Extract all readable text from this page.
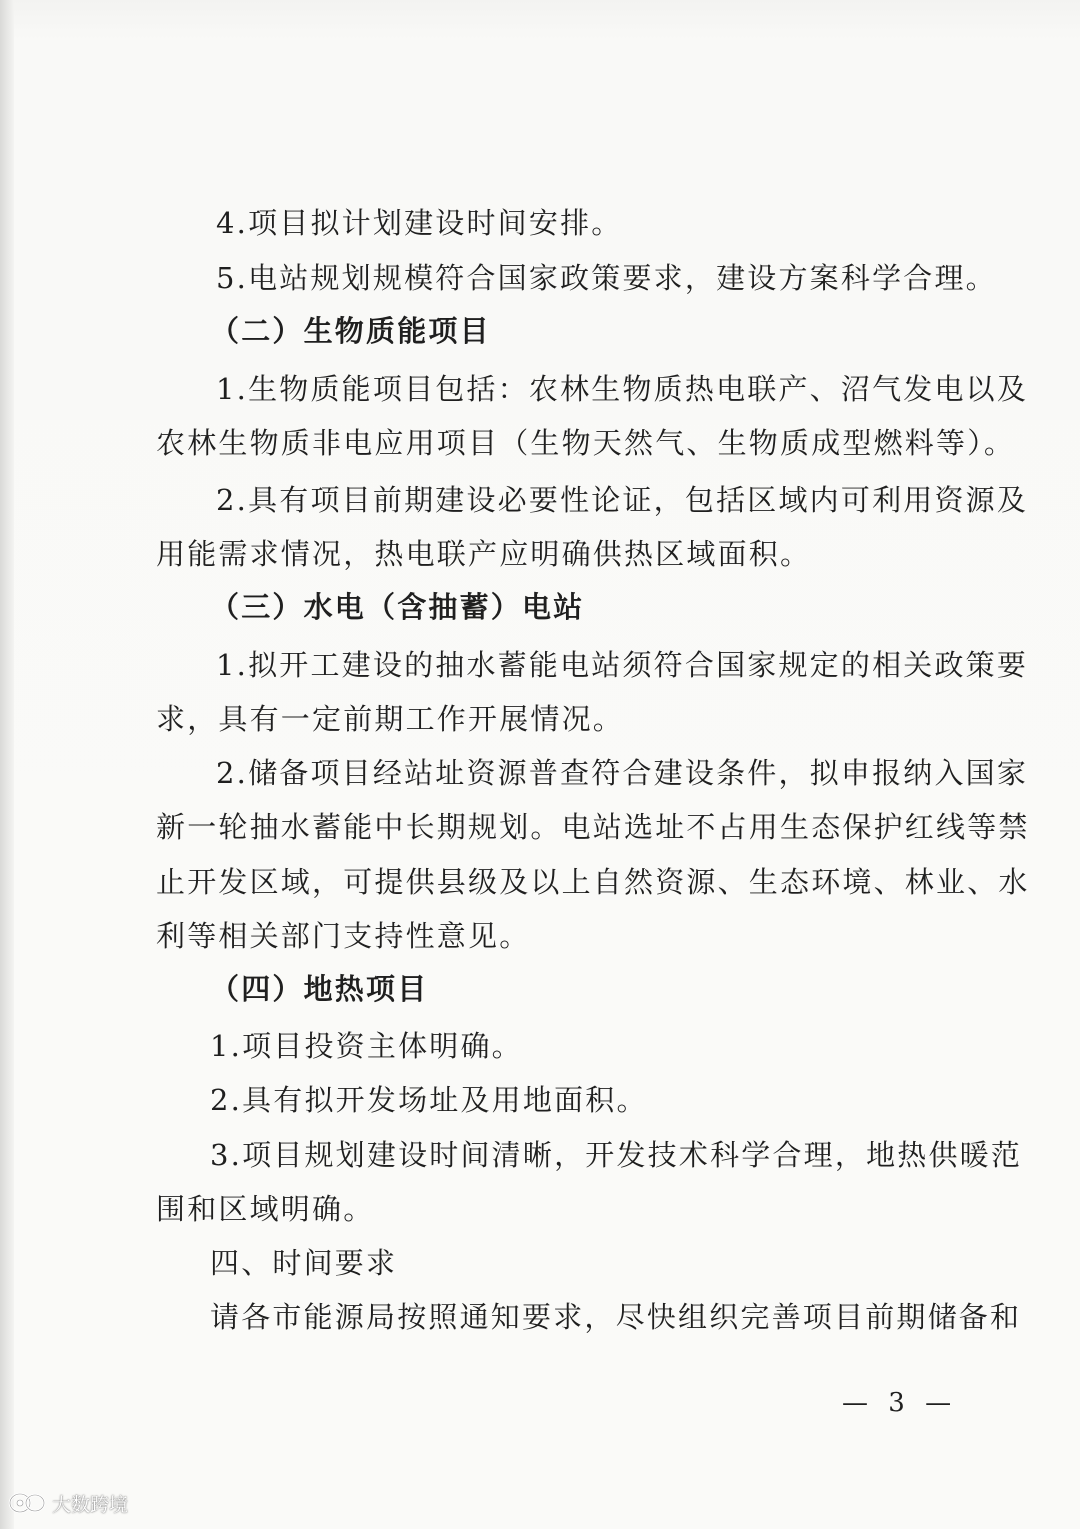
4.项目拟计划建设时间安排。
5.电站规划规模符合国家政策要求，建设方案科学合理。
（二）生物质能项目
1.生物质能项目包括：农林生物质热电联产、沼气发电以及
农林生物质非电应用项目（生物天然气、生物质成型燃料等）。
2.具有项目前期建设必要性论证，包括区域内可利用资源及
用能需求情况，热电联产应明确供热区域面积。
（三）水电（含抽蓄）电站
1.拟开工建设的抽水蓄能电站须符合国家规定的相关政策要
求，具有一定前期工作开展情况。
2.储备项目经站址资源普查符合建设条件，拟申报纳入国家
新一轮抽水蓄能中长期规划。电站选址不占用生态保护红线等禁
止开发区域，可提供县级及以上自然资源、生态环境、林业、水
利等相关部门支持性意见。
（四）地热项目
1.项目投资主体明确。
2.具有拟开发场址及用地面积。
3.项目规划建设时间清晰，开发技术科学合理，地热供暖范
围和区域明确。
四、时间要求
请各市能源局按照通知要求，尽快组织完善项目前期储备和
— 3 —
大数跨境
